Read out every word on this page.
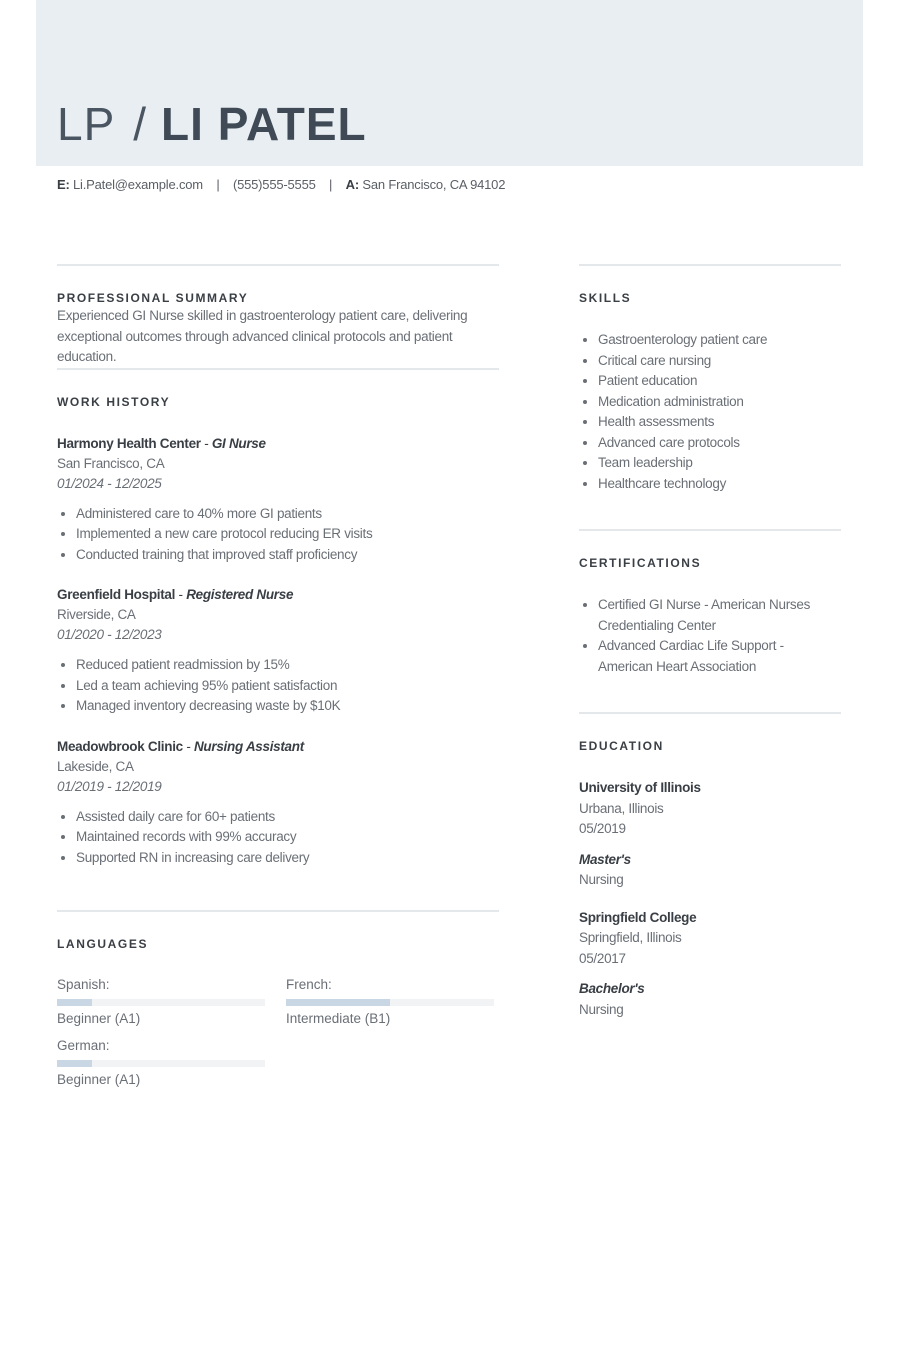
LP / LI PATEL
E: Li.Patel@example.com | (555)555-5555 | A: San Francisco, CA 94102
PROFESSIONAL SUMMARY

Experienced GI Nurse skilled in gastroenterology patient care, delivering exceptional outcomes through advanced clinical protocols and patient education.

WORK HISTORY
Harmony Health Center - GI Nurse
San Francisco, CA
01/2024 - 12/2025
Administered care to 40% more GI patients
Implemented a new care protocol reducing ER visits
Conducted training that improved staff proficiency
Greenfield Hospital - Registered Nurse
Riverside, CA
01/2020 - 12/2023
Reduced patient readmission by 15%
Led a team achieving 95% patient satisfaction
Managed inventory decreasing waste by $10K
Meadowbrook Clinic - Nursing Assistant
Lakeside, CA
01/2019 - 12/2019
Assisted daily care for 60+ patients
Maintained records with 99% accuracy
Supported RN in increasing care delivery
LANGUAGES
Spanish:
Beginner (A1)
French:
Intermediate (B1)
German:
Beginner (A1)
SKILLS
Gastroenterology patient care
Critical care nursing
Patient education
Medication administration
Health assessments
Advanced care protocols
Team leadership
Healthcare technology
CERTIFICATIONS
Certified GI Nurse - American Nurses Credentialing Center
Advanced Cardiac Life Support - American Heart Association
EDUCATION
University of Illinois
Urbana, Illinois
05/2019
Master's
Nursing
Springfield College
Springfield, Illinois
05/2017
Bachelor's
Nursing
